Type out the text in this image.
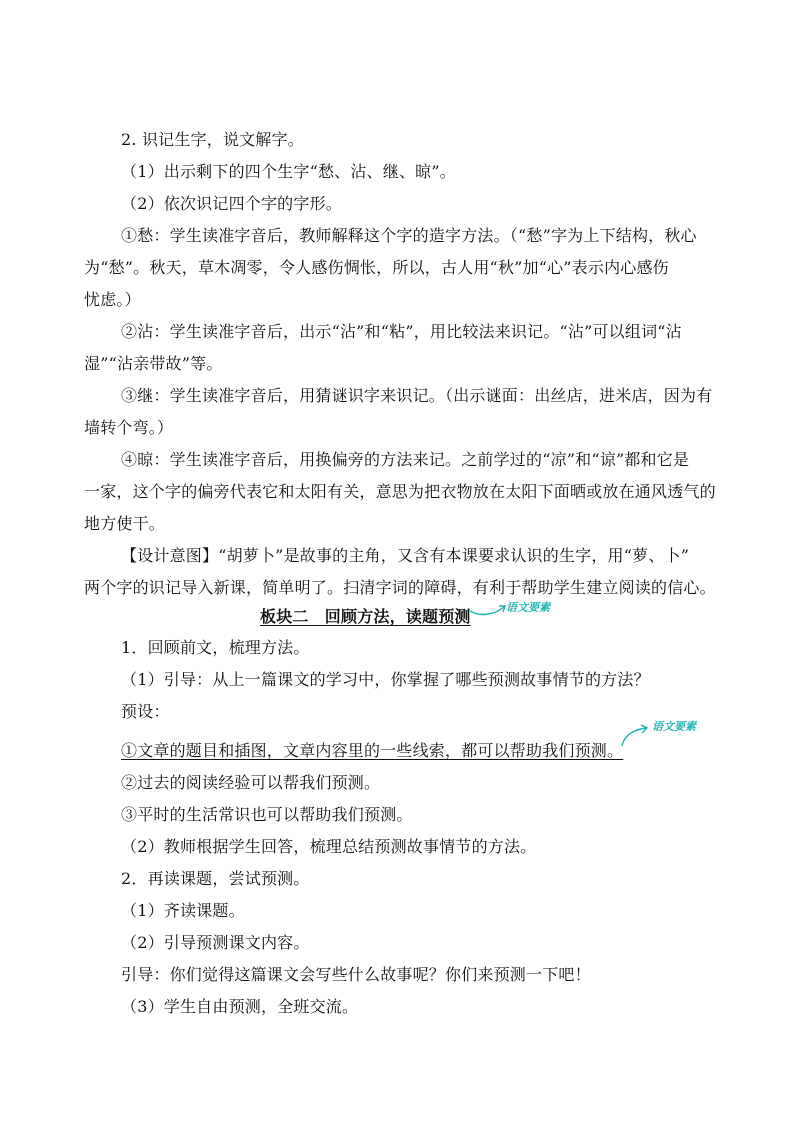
2. 识记生字，说文解字。
（1）出示剩下的四个生字“愁、沾、继、晾”。
（2）依次识记四个字的字形。
①愁：学生读准字音后，教师解释这个字的造字方法。（“愁”字为上下结构，秋心
为“愁”。秋天，草木凋零，令人感伤惆怅，所以，古人用“秋”加“心”表示内心感伤
忧虑。）
②沾：学生读准字音后，出示“沾”和“粘”，用比较法来识记。“沾”可以组词“沾
湿”“沾亲带故”等。
③继：学生读准字音后，用猜谜识字来识记。（出示谜面：出丝店，进米店，因为有
墙转个弯。）
④晾：学生读准字音后，用换偏旁的方法来记。之前学过的“凉”和“谅”都和它是
一家，这个字的偏旁代表它和太阳有关，意思为把衣物放在太阳下面晒或放在通风透气的
地方使干。
【设计意图】“胡萝卜”是故事的主角，又含有本课要求认识的生字，用“萝、卜”
两个字的识记导入新课，简单明了。扫清字词的障碍，有利于帮助学生建立阅读的信心。
板块二　回顾方法，读题预测	语文要素
1．回顾前文，梳理方法。
（1）引导：从上一篇课文的学习中，你掌握了哪些预测故事情节的方法？
预设：
①文章的题目和插图，文章内容里的一些线索，都可以帮助我们预测。
语文要素
②过去的阅读经验可以帮我们预测。
③平时的生活常识也可以帮助我们预测。
（2）教师根据学生回答，梳理总结预测故事情节的方法。
2．再读课题，尝试预测。
（1）齐读课题。
（2）引导预测课文内容。
引导：你们觉得这篇课文会写些什么故事呢？你们来预测一下吧！
（3）学生自由预测，全班交流。
